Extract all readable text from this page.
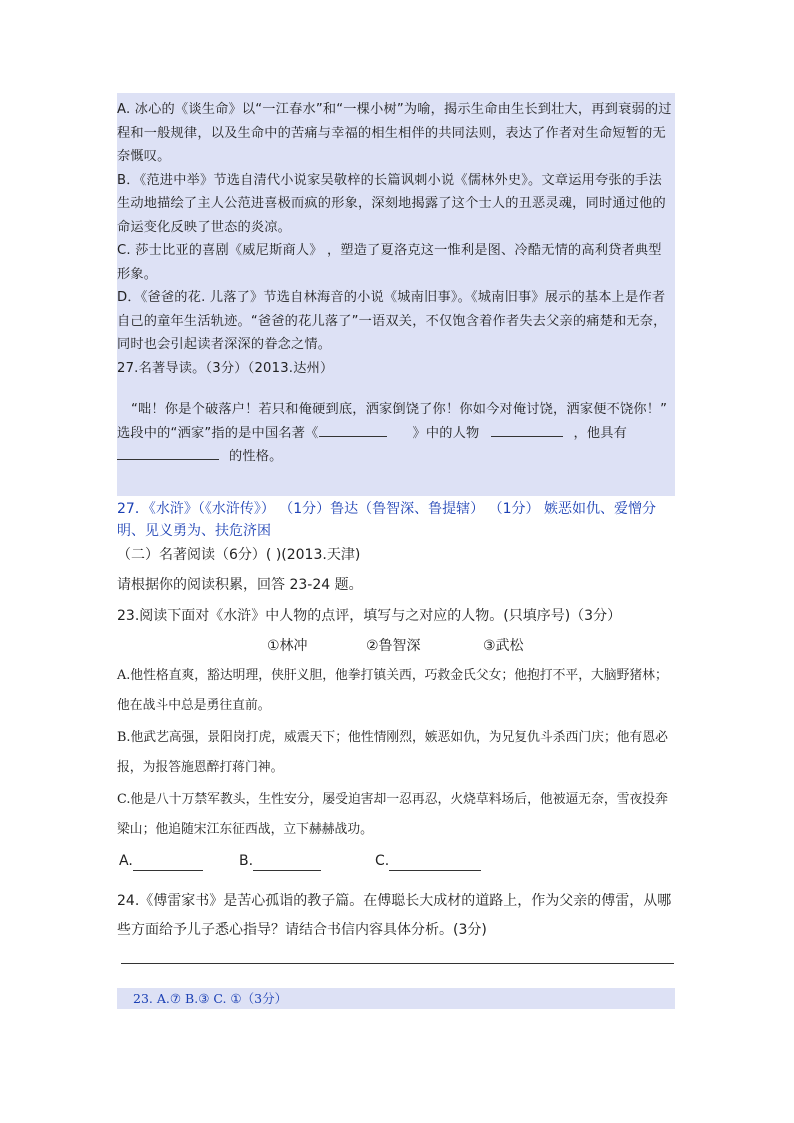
A. 冰心的《谈生命》以“一江春水”和“一棵小树”为喻，揭示生命由生长到壮大，再到衰弱的过程和一般规律，以及生命中的苦痛与幸福的相生相伴的共同法则，表达了作者对生命短暂的无奈慨叹。

B．《范进中举》节选自清代小说家吴敬梓的长篇讽刺小说《儒林外史》。文章运用夸张的手法生动地描绘了主人公范进喜极而疯的形象，深刻地揭露了这个士人的丑恶灵魂，同时通过他的命运变化反映了世态的炎凉。

C. 莎士比亚的喜剧《威尼斯商人》 ，塑造了夏洛克这一惟利是图、冷酷无情的高利贷者典型形象。

D．《爸爸的花. 儿落了》节选自林海音的小说《城南旧事》。《城南旧事》展示的基本上是作者自己的童年生活轨迹。“爸爸的花儿落了”一语双关，不仅饱含着作者失去父亲的痛楚和无奈，同时也会引起读者深深的眷念之情。

27.名著导读。（3分）（2013.达州）

“咄！你是个破落户！若只和俺硬到底，洒家倒饶了你！你如今对俺讨饶，洒家便不饶你！”

选段中的“洒家”指的是中国名著《	》中的人物	，他具有

的性格。

27．《水浒》（《水浒传》） （1分）鲁达（鲁智深、鲁提辖） （1分） 嫉恶如仇、爱憎分明、见义勇为、扶危济困

（二）名著阅读（6分）( )(2013.天津)

请根据你的阅读积累，回答 23-24 题。

23.阅读下面对《水浒》中人物的点评，填写与之对应的人物。(只填序号)（3分）

①林冲	②鲁智深	③武松

A.他性格直爽，豁达明理，侠肝义胆，他拳打镇关西，巧救金氏父女；他抱打不平，大脑野猪林；他在战斗中总是勇往直前。

B.他武艺高强，景阳岗打虎，威震天下；他性情刚烈，嫉恶如仇，为兄复仇斗杀西门庆；他有恩必报，为报答施恩醉打蒋门神。

C.他是八十万禁军教头，生性安分，屡受迫害却一忍再忍，火烧草料场后，他被逼无奈，雪夜投奔梁山；他追随宋江东征西战，立下赫赫战功。

A.	B.	C.

24.《傅雷家书》是苦心孤诣的教子篇。在傅聪长大成材的道路上，作为父亲的傅雷，从哪些方面给予儿子悉心指导？请结合书信内容具体分析。(3分)

23. A.⑦ B.③ C. ①（3分）
